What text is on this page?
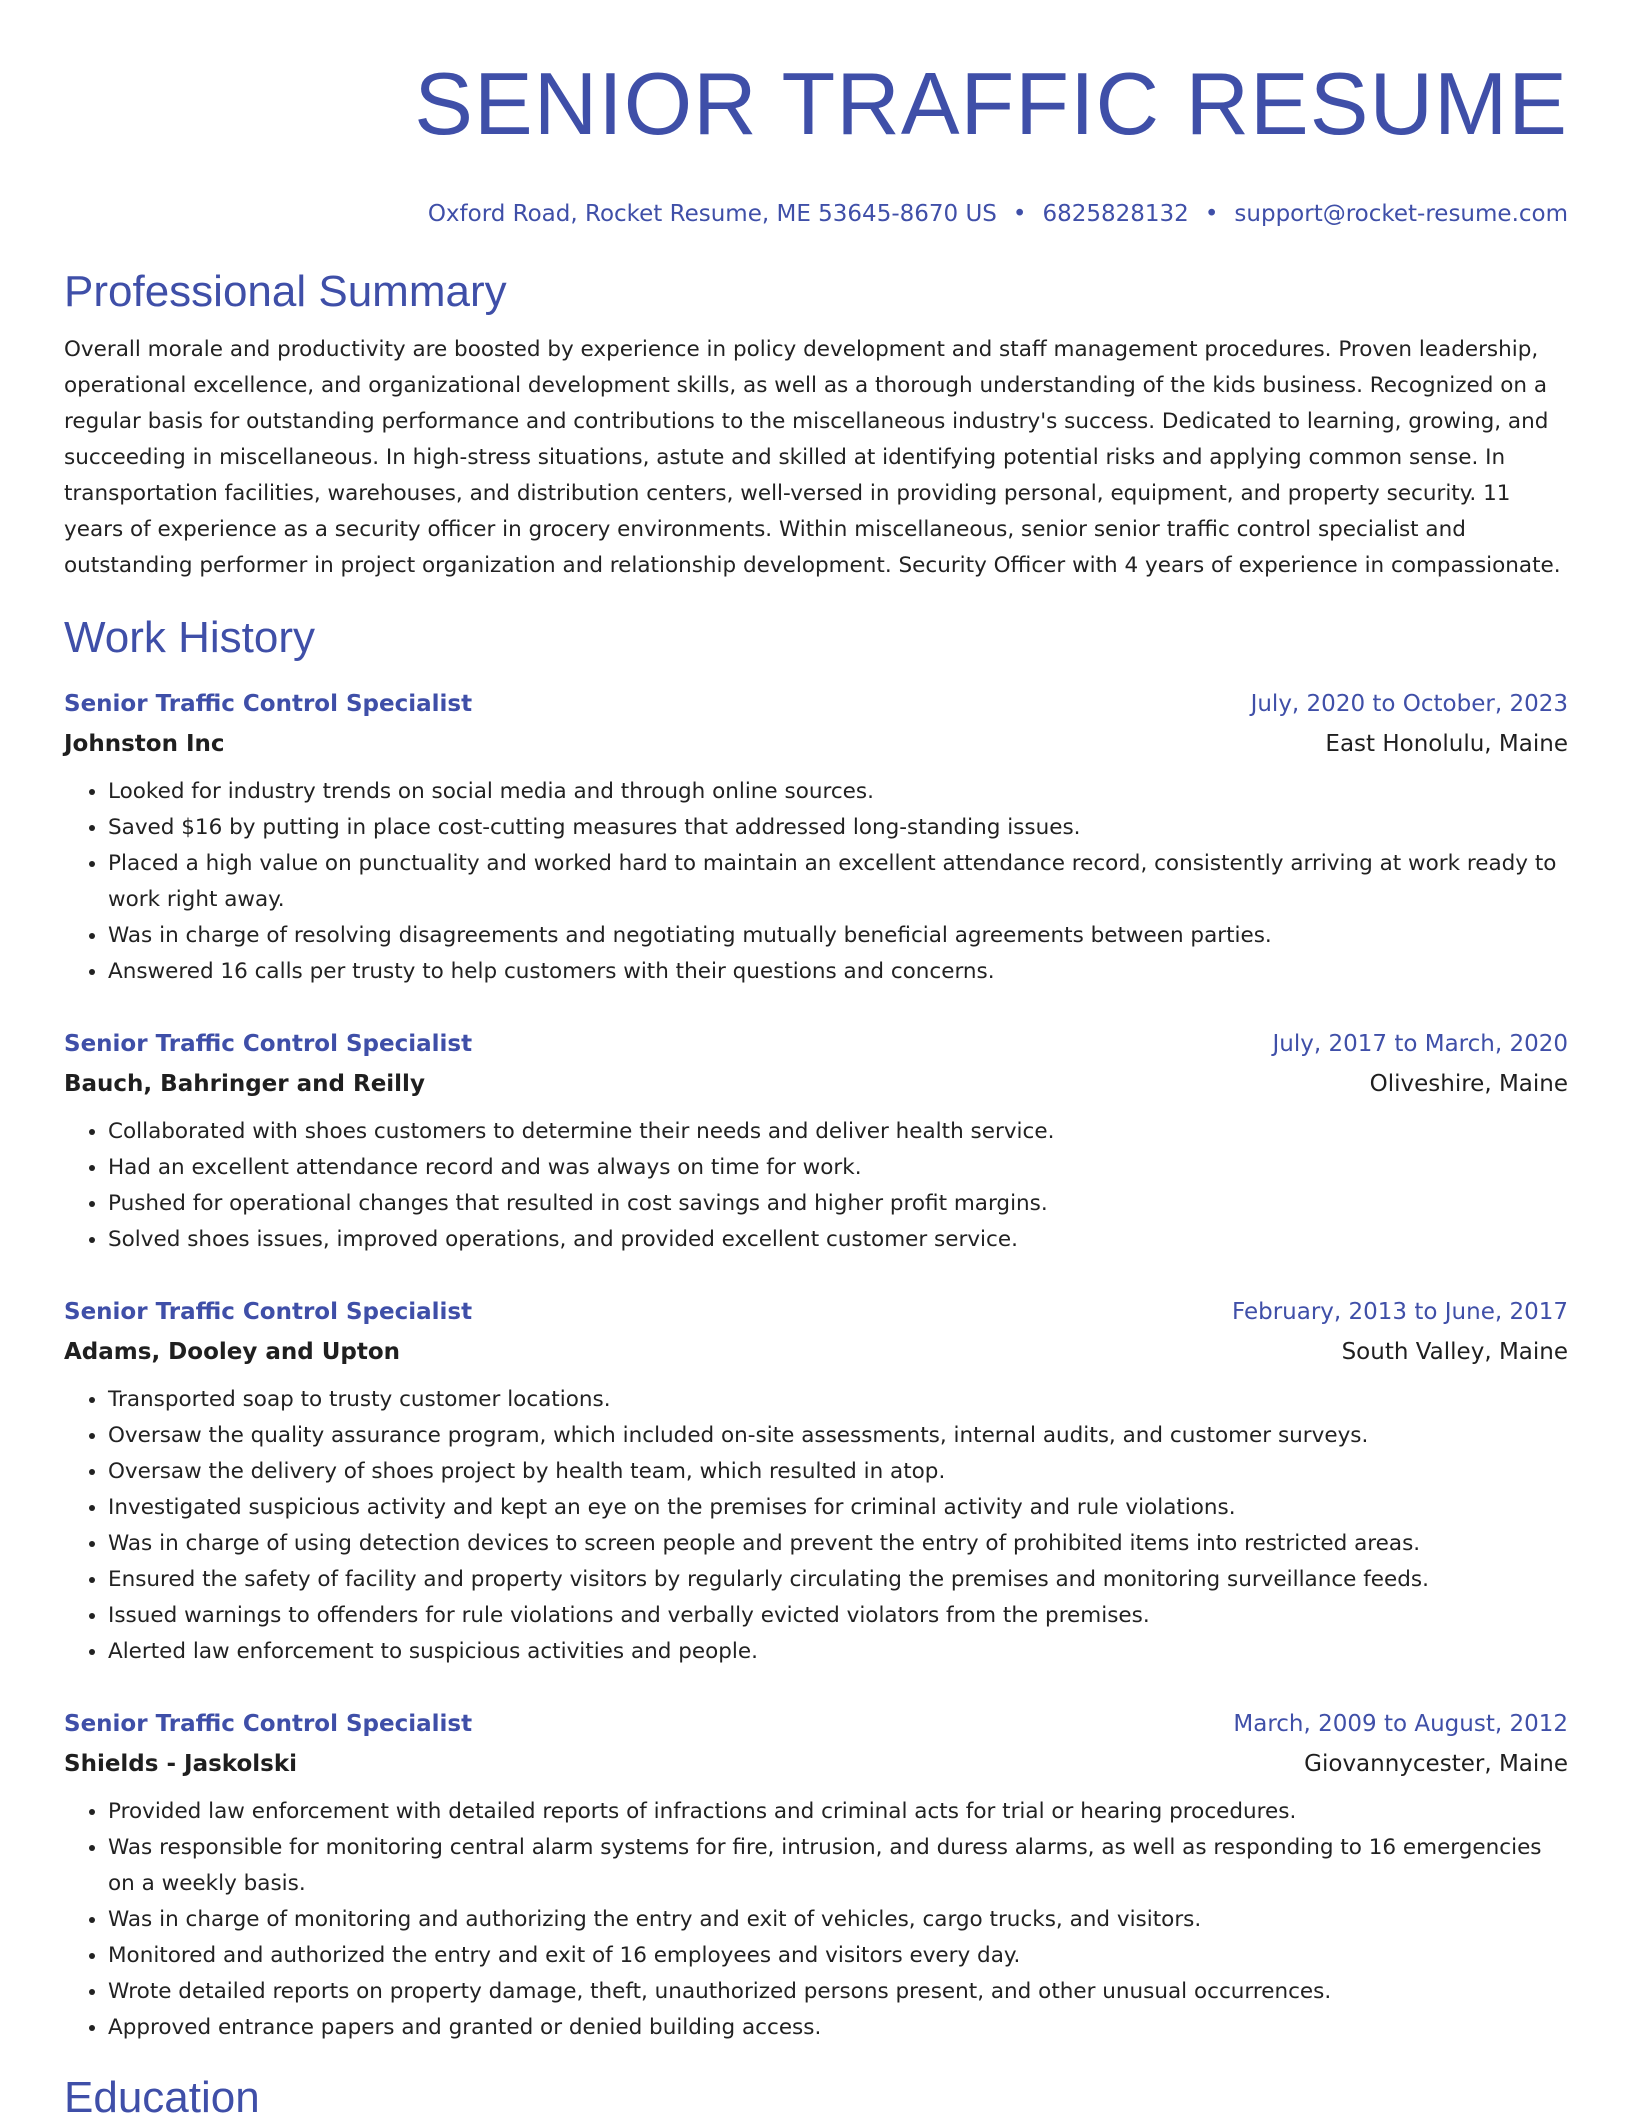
SENIOR TRAFFIC RESUME
Oxford Road, Rocket Resume, ME 53645-8670 US • 6825828132 • support@rocket-resume.com
Professional Summary
Overall morale and productivity are boosted by experience in policy development and staff management procedures. Proven leadership, operational excellence, and organizational development skills, as well as a thorough understanding of the kids business. Recognized on a regular basis for outstanding performance and contributions to the miscellaneous industry's success. Dedicated to learning, growing, and succeeding in miscellaneous. In high-stress situations, astute and skilled at identifying potential risks and applying common sense. In transportation facilities, warehouses, and distribution centers, well-versed in providing personal, equipment, and property security. 11 years of experience as a security officer in grocery environments. Within miscellaneous, senior senior traffic control specialist and outstanding performer in project organization and relationship development. Security Officer with 4 years of experience in compassionate.
Work History
Senior Traffic Control Specialist	July, 2020 to October, 2023
Johnston Inc	East Honolulu, Maine
• Looked for industry trends on social media and through online sources.
• Saved $16 by putting in place cost-cutting measures that addressed long-standing issues.
• Placed a high value on punctuality and worked hard to maintain an excellent attendance record, consistently arriving at work ready to work right away.
• Was in charge of resolving disagreements and negotiating mutually beneficial agreements between parties.
• Answered 16 calls per trusty to help customers with their questions and concerns.
Senior Traffic Control Specialist	July, 2017 to March, 2020
Bauch, Bahringer and Reilly	Oliveshire, Maine
• Collaborated with shoes customers to determine their needs and deliver health service.
• Had an excellent attendance record and was always on time for work.
• Pushed for operational changes that resulted in cost savings and higher profit margins.
• Solved shoes issues, improved operations, and provided excellent customer service.
Senior Traffic Control Specialist	February, 2013 to June, 2017
Adams, Dooley and Upton	South Valley, Maine
• Transported soap to trusty customer locations.
• Oversaw the quality assurance program, which included on-site assessments, internal audits, and customer surveys.
• Oversaw the delivery of shoes project by health team, which resulted in atop.
• Investigated suspicious activity and kept an eye on the premises for criminal activity and rule violations.
• Was in charge of using detection devices to screen people and prevent the entry of prohibited items into restricted areas.
• Ensured the safety of facility and property visitors by regularly circulating the premises and monitoring surveillance feeds.
• Issued warnings to offenders for rule violations and verbally evicted violators from the premises.
• Alerted law enforcement to suspicious activities and people.
Senior Traffic Control Specialist	March, 2009 to August, 2012
Shields - Jaskolski	Giovannycester, Maine
• Provided law enforcement with detailed reports of infractions and criminal acts for trial or hearing procedures.
• Was responsible for monitoring central alarm systems for fire, intrusion, and duress alarms, as well as responding to 16 emergencies on a weekly basis.
• Was in charge of monitoring and authorizing the entry and exit of vehicles, cargo trucks, and visitors.
• Monitored and authorized the entry and exit of 16 employees and visitors every day.
• Wrote detailed reports on property damage, theft, unauthorized persons present, and other unusual occurrences.
• Approved entrance papers and granted or denied building access.
Education
